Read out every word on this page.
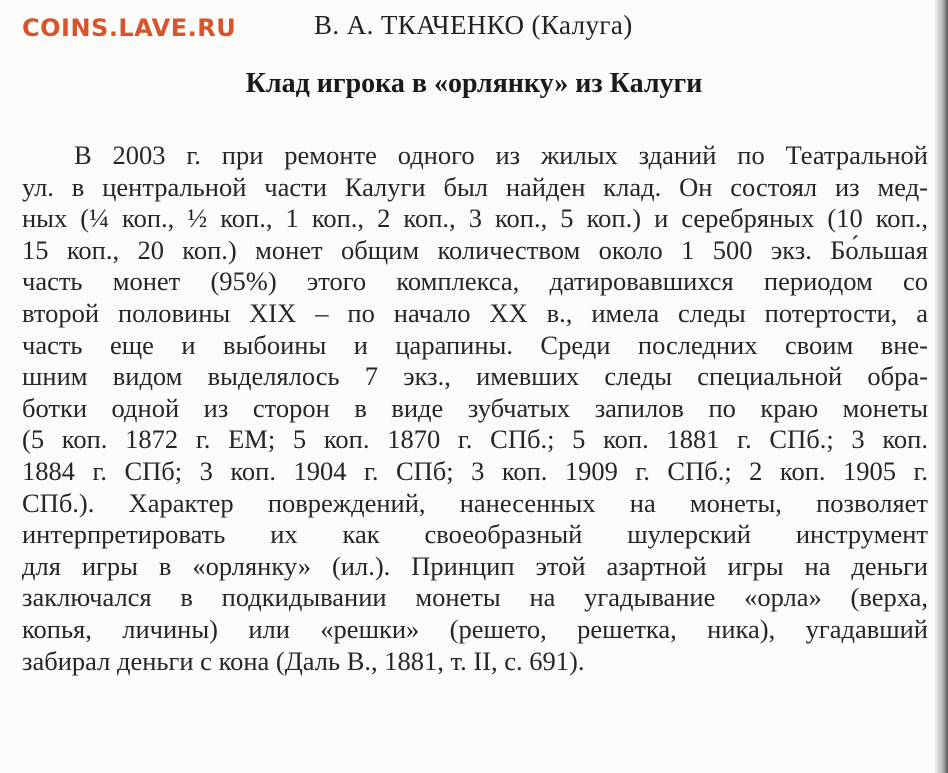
COINS.LAVE.RU	В. А. ТКАЧЕНКО (Калуга)
Клад игрока в «орлянку» из Калуги
В 2003 г. при ремонте одного из жилых зданий по Театральной
ул. в центральной части Калуги был найден клад. Он состоял из мед-
ных (¼ коп., ½ коп., 1 коп., 2 коп., 3 коп., 5 коп.) и серебряных (10 коп.,
15 коп., 20 коп.) монет общим количеством около 1 500 экз. Бо́льшая
часть монет (95%) этого комплекса, датировавшихся периодом со
второй половины XIX – по начало XX в., имела следы потертости, а
часть еще и выбоины и царапины. Среди последних своим вне-
шним видом выделялось 7 экз., имевших следы специальной обра-
ботки одной из сторон в виде зубчатых запилов по краю монеты
(5 коп. 1872 г. ЕМ; 5 коп. 1870 г. СПб.; 5 коп. 1881 г. СПб.; 3 коп.
1884 г. СПб; 3 коп. 1904 г. СПб; 3 коп. 1909 г. СПб.; 2 коп. 1905 г.
СПб.). Характер повреждений, нанесенных на монеты, позволяет
интерпретировать их как своеобразный шулерский инструмент
для игры в «орлянку» (ил.). Принцип этой азартной игры на деньги
заключался в подкидывании монеты на угадывание «орла» (верха,
копья, личины) или «решки» (решето, решетка, ника), угадавший
забирал деньги с кона (Даль В., 1881, т. II, с. 691).
